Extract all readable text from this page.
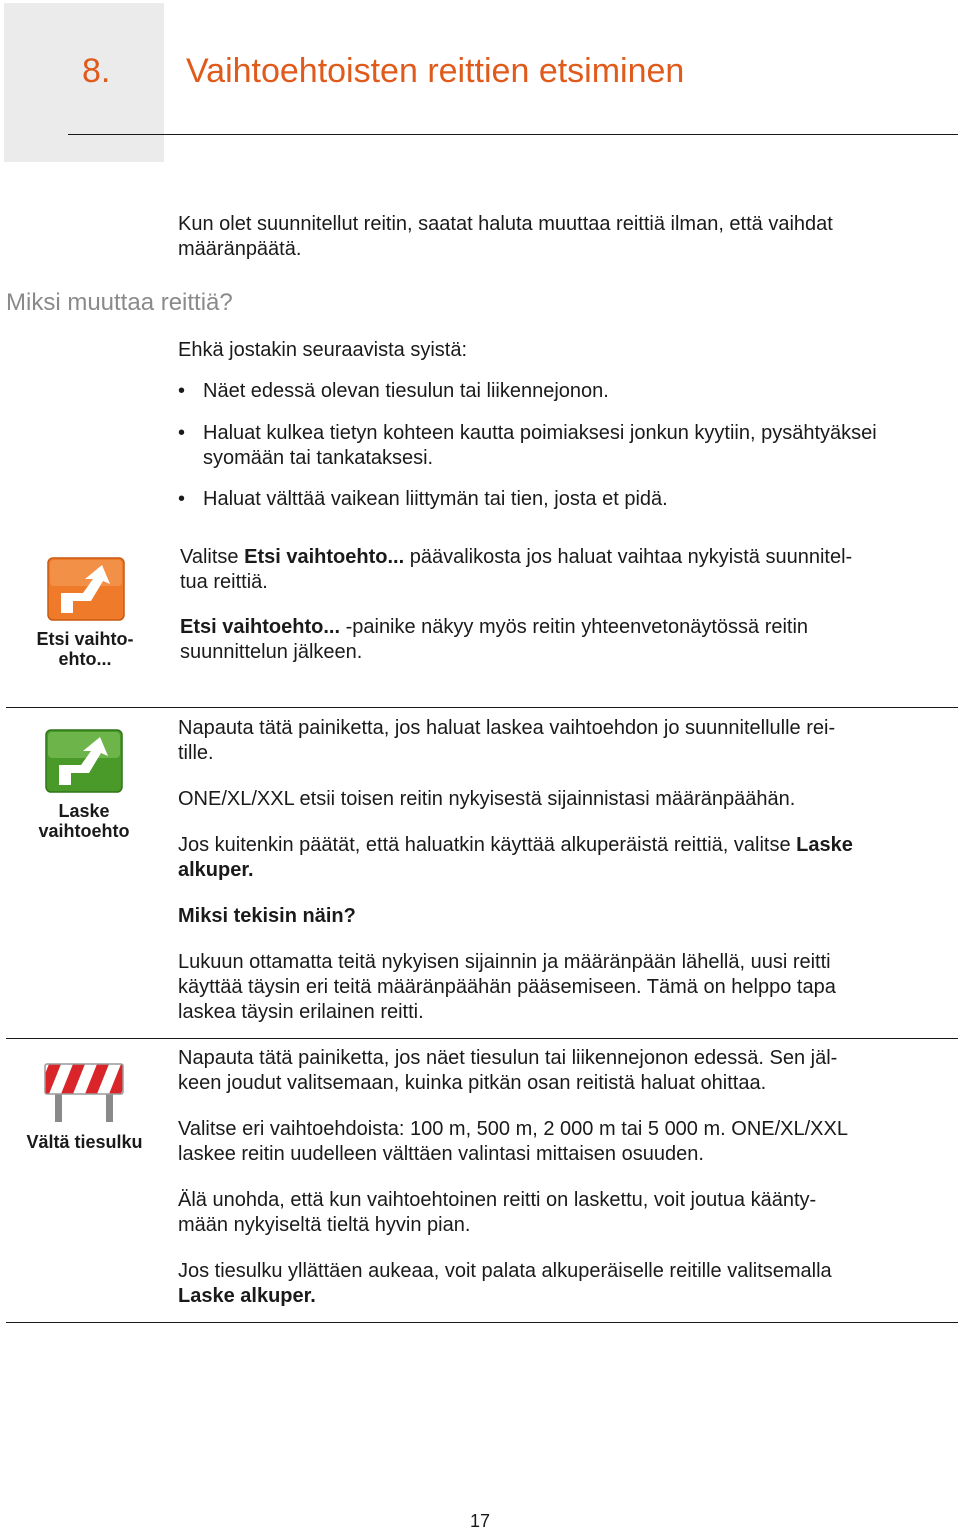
8. Vaihtoehtoisten reittien etsiminen
Kun olet suunnitellut reitin, saatat haluta muuttaa reittiä ilman, että vaihdat
määränpäätä.
Miksi muuttaa reittiä?
Ehkä jostakin seuraavista syistä:
• Näet edessä olevan tiesulun tai liikennejonon.
• Haluat kulkea tietyn kohteen kautta poimiaksesi jonkun kyytiin, pysähtyäksei
syomään tai tankataksesi.
• Haluat välttää vaikean liittymän tai tien, josta et pidä.
Etsi vaihto-
ehto...
Valitse Etsi vaihtoehto... päävalikosta jos haluat vaihtaa nykyistä suunnitel-
tua reittiä.
Etsi vaihtoehto... -painike näkyy myös reitin yhteenvetonäytössä reitin
suunnittelun jälkeen.
Laske
vaihtoehto
Napauta tätä painiketta, jos haluat laskea vaihtoehdon jo suunnitellulle rei-
tille.
ONE/XL/XXL etsii toisen reitin nykyisestä sijainnistasi määränpäähän.
Jos kuitenkin päätät, että haluatkin käyttää alkuperäistä reittiä, valitse Laske
alkuper.
Miksi tekisin näin?
Lukuun ottamatta teitä nykyisen sijainnin ja määränpään lähellä, uusi reitti
käyttää täysin eri teitä määränpäähän pääsemiseen. Tämä on helppo tapa
laskea täysin erilainen reitti.
Vältä tiesulku
Napauta tätä painiketta, jos näet tiesulun tai liikennejonon edessä. Sen jäl-
keen joudut valitsemaan, kuinka pitkän osan reitistä haluat ohittaa.
Valitse eri vaihtoehdoista: 100 m, 500 m, 2 000 m tai 5 000 m. ONE/XL/XXL
laskee reitin uudelleen välttäen valintasi mittaisen osuuden.
Älä unohda, että kun vaihtoehtoinen reitti on laskettu, voit joutua käänty-
mään nykyiseltä tieltä hyvin pian.
Jos tiesulku yllättäen aukeaa, voit palata alkuperäiselle reitille valitsemalla
Laske alkuper.
17
